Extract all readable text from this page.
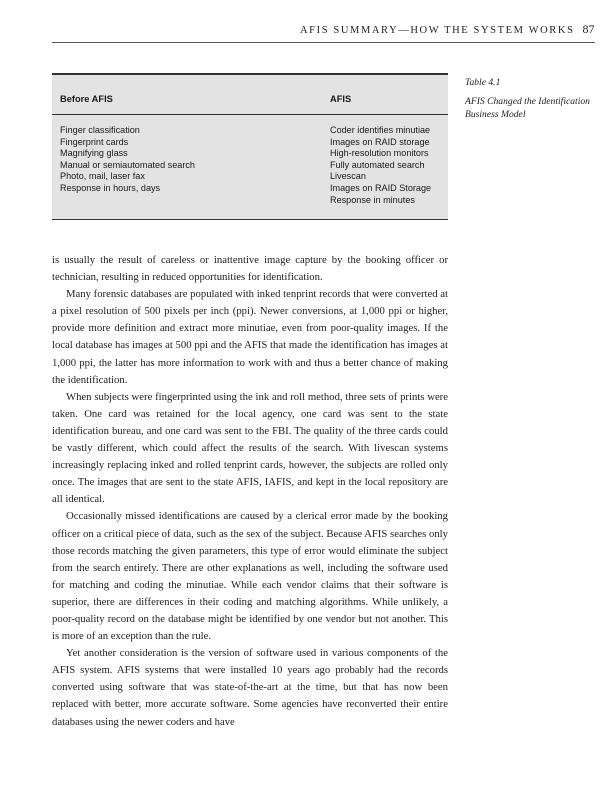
AFIS SUMMARY—HOW THE SYSTEM WORKS 87
Before AFIS	AFIS
Finger classification
Fingerprint cards
Magnifying glass
Manual or semiautomated search
Photo, mail, laser fax
Response in hours, days
Coder identifies minutiae
Images on RAID storage
High-resolution monitors
Fully automated search
Livescan
Images on RAID Storage
Response in minutes
Table 4.1
AFIS Changed the Identification Business Model

is usually the result of careless or inattentive image capture by the booking officer or technician, resulting in reduced opportunities for identification.

Many forensic databases are populated with inked tenprint records that were converted at a pixel resolution of 500 pixels per inch (ppi). Newer conversions, at 1,000 ppi or higher, provide more definition and extract more minutiae, even from poor-quality images. If the local database has images at 500 ppi and the AFIS that made the identification has images at 1,000 ppi, the latter has more information to work with and thus a better chance of making the identification.

When subjects were fingerprinted using the ink and roll method, three sets of prints were taken. One card was retained for the local agency, one card was sent to the state identification bureau, and one card was sent to the FBI. The quality of the three cards could be vastly different, which could affect the results of the search. With livescan systems increasingly replacing inked and rolled tenprint cards, however, the subjects are rolled only once. The images that are sent to the state AFIS, IAFIS, and kept in the local repository are all identical.

Occasionally missed identifications are caused by a clerical error made by the booking officer on a critical piece of data, such as the sex of the subject. Because AFIS searches only those records matching the given parameters, this type of error would eliminate the subject from the search entirely. There are other explanations as well, including the software used for matching and coding the minutiae. While each vendor claims that their software is superior, there are differences in their coding and matching algorithms. While unlikely, a poor-quality record on the database might be identified by one vendor but not another. This is more of an exception than the rule.

Yet another consideration is the version of software used in various components of the AFIS system. AFIS systems that were installed 10 years ago probably had the records converted using software that was state-of-the-art at the time, but that has now been replaced with better, more accurate software. Some agencies have reconverted their entire databases using the newer coders and have
